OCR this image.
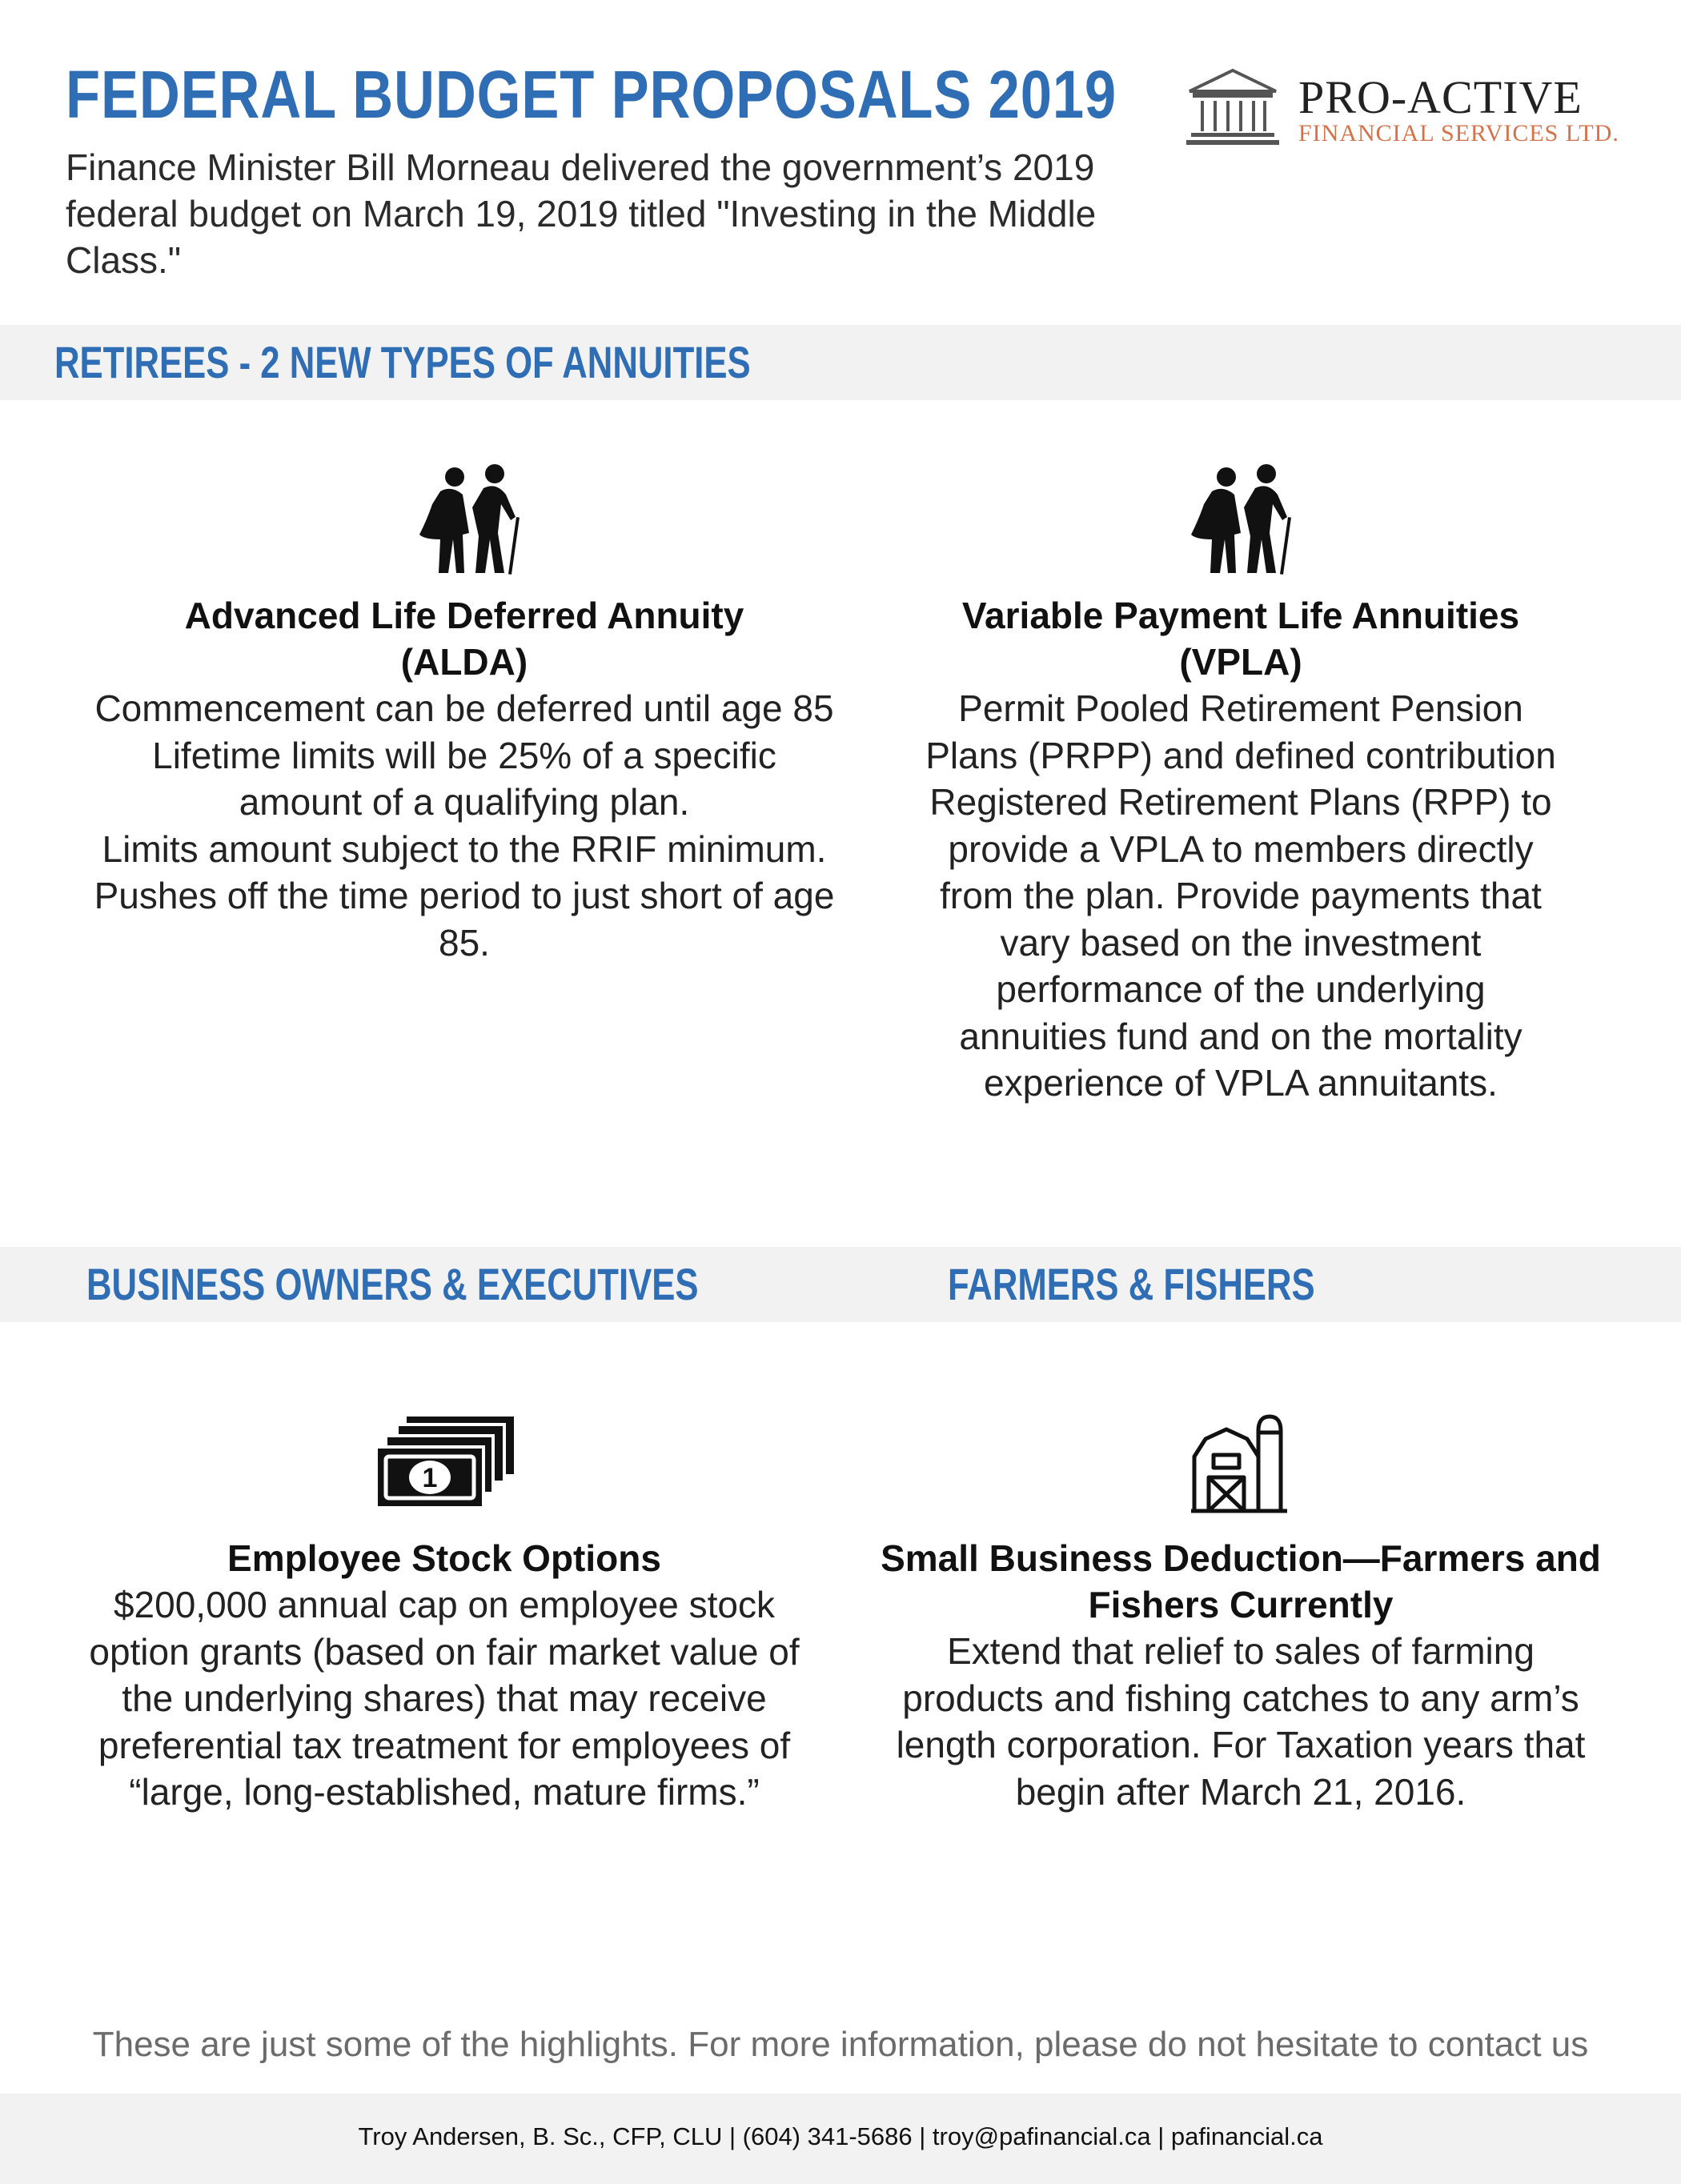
FEDERAL BUDGET PROPOSALS 2019
Finance Minister Bill Morneau delivered the government’s 2019 federal budget on March 19, 2019 titled "Investing in the Middle Class."
PRO-ACTIVE
FINANCIAL SERVICES LTD.
RETIREES - 2 NEW TYPES OF ANNUITIES
Advanced Life Deferred Annuity
(ALDA)

Commencement can be deferred until age 85

Lifetime limits will be 25% of a specific

amount of a qualifying plan.

Limits amount subject to the RRIF minimum.

Pushes off the time period to just short of age

85.

Variable Payment Life Annuities
(VPLA)

Permit Pooled Retirement Pension

Plans (PRPP) and defined contribution

Registered Retirement Plans (RPP) to

provide a VPLA to members directly

from the plan. Provide payments that

vary based on the investment

performance of the underlying

annuities fund and on the mortality

experience of VPLA annuitants.

BUSINESS OWNERS & EXECUTIVES	FARMERS & FISHERS
1
Employee Stock Options

$200,000 annual cap on employee stock

option grants (based on fair market value of

the underlying shares) that may receive

preferential tax treatment for employees of

“large, long-established, mature firms.”

Small Business Deduction—Farmers and
Fishers Currently

Extend that relief to sales of farming

products and fishing catches to any arm’s

length corporation. For Taxation years that

begin after March 21, 2016.

These are just some of the highlights. For more information, please do not hesitate to contact us
Troy Andersen, B. Sc., CFP, CLU | (604) 341-5686 | troy@pafinancial.ca | pafinancial.ca
